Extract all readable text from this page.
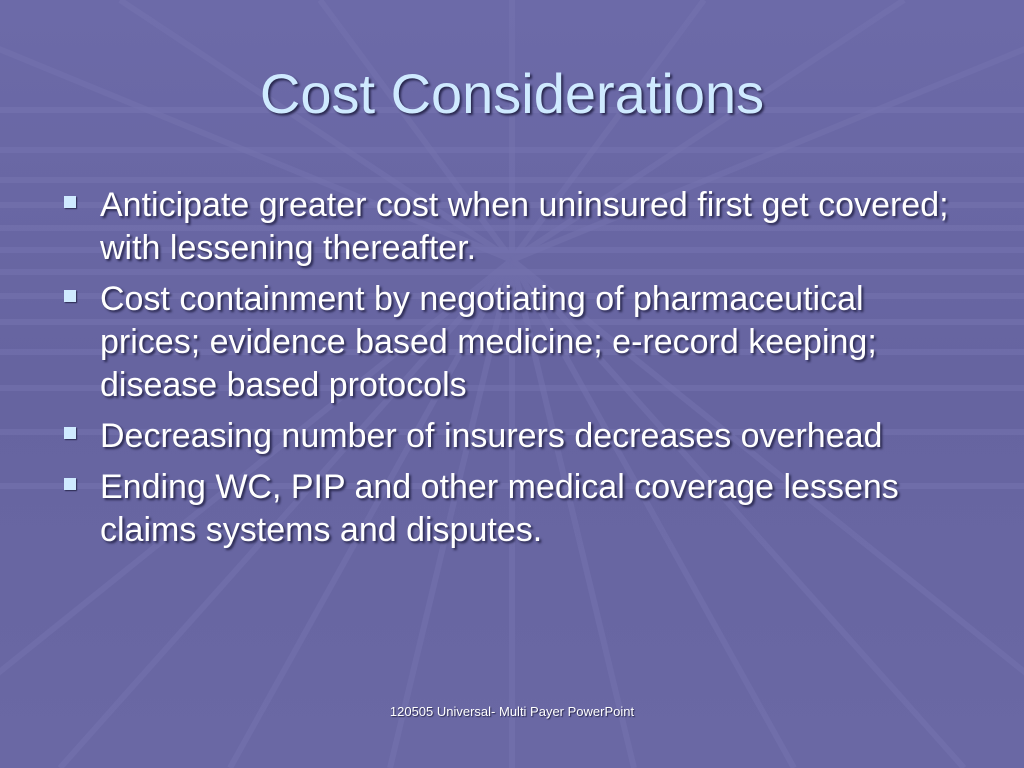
Cost Considerations
Anticipate greater cost when uninsured first get covered; with lessening thereafter.
Cost containment by negotiating of pharmaceutical prices; evidence based medicine; e-record keeping; disease based protocols
Decreasing number of insurers decreases overhead
Ending WC, PIP and other medical coverage lessens claims systems and disputes.
120505 Universal- Multi Payer PowerPoint
